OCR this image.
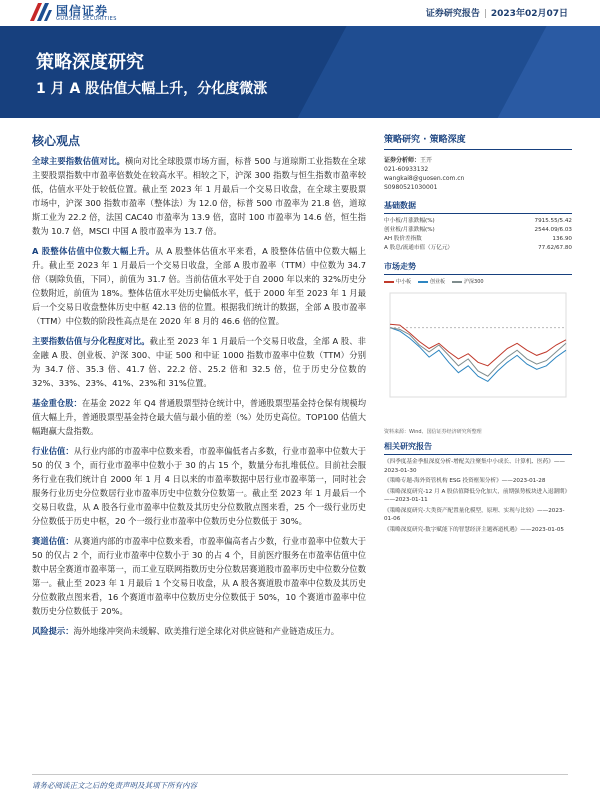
国信证券
GUOSEN SECURITIES	证券研究报告 | 2023年02月07日
策略深度研究
1 月 A 股估值大幅上升，分化度微涨
核心观点

全球主要指数估值对比。横向对比全球股票市场方面，标普 500 与道琼斯工业指数在全球主要股票指数中市盈率倍数处在较高水平。相较之下，沪深 300 指数与恒生指数市盈率较低，估值水平处于较低位置。截止至 2023 年 1 月最后一个交易日收盘，在全球主要股票市场中，沪深 300 指数市盈率（整体法）为 12.0 倍，标普 500 市盈率为 21.8 倍，道琼斯工业为 22.2 倍，法国 CAC40 市盈率为 13.9 倍，富时 100 市盈率为 14.6 倍，恒生指数为 10.7 倍，MSCI 中国 A 股市盈率为 13.7 倍。

A 股整体估值中位数大幅上升。从 A 股整体估值水平来看，A 股整体估值中位数大幅上升。截止至 2023 年 1 月最后一个交易日收盘，全部 A 股市盈率（TTM）中位数为 34.7 倍（剔除负值，下同），前值为 31.7 倍。当前估值水平处于自 2000 年以来的 32%历史分位数附近，前值为 18%。整体估值水平处历史偏低水平，低于 2000 年至 2023 年 1 月最后一个交易日收盘整体历史中枢 42.13 倍的位置。根据我们统计的数据，全部 A 股市盈率（TTM）中位数的阶段性高点是在 2020 年 8 月的 46.6 倍的位置。

主要指数估值与分化程度对比。截止至 2023 年 1 月最后一个交易日收盘，全部 A 股、非金融 A 股、创业板、沪深 300、中证 500 和中证 1000 指数市盈率中位数（TTM）分别为 34.7 倍、35.3 倍、41.7 倍、22.2 倍、25.2 倍和 32.5 倍，位于历史分位数的 32%、33%、23%、41%、23%和 31%位置。

基金重仓股：在基金 2022 年 Q4 普通股票型持仓统计中，普通股票型基金持仓保有规模均值大幅上升，普通股票型基金持仓最大值与最小值的差（%）处历史高位。TOP100 估值大幅跑赢大盘指数。

行业估值：从行业内部的市盈率中位数来看，市盈率偏低者占多数，行业市盈率中位数大于 50 的仅 3 个，而行业市盈率中位数小于 30 的占 15 个，数量分布扎堆低位。目前社会服务行业在我们统计自 2000 年 1 月 4 日以来的市盈率数据中居行业市盈率第一，同时社会服务行业历史分位数居行业市盈率历史中位数分位数第一。截止至 2023 年 1 月最后一个交易日收盘，从 A 股各行业市盈率中位数及其历史分位数散点图来看，25 个一级行业历史分位数低于历史中枢，20 个一级行业市盈率中位数历史分位数低于 30%。

赛道估值：从赛道内部的市盈率中位数来看，市盈率偏高者占少数，行业市盈率中位数大于 50 的仅占 2 个，而行业市盈率中位数小于 30 的占 4 个，目前医疗服务在市盈率估值中位数中居全赛道市盈率第一，而工业互联网指数历史分位数居赛道股市盈率历史中位数分位数第一。截止至 2023 年 1 月最后 1 个交易日收盘，从 A 股各赛道股市盈率中位数及其历史分位数散点图来看，16 个赛道市盈率中位数历史分位数低于 50%，10 个赛道市盈率中位数历史分位数低于 20%。

风险提示：海外地缘冲突尚未缓解、欧美推行逆全球化对供应链和产业链造成压力。

策略研究 · 策略深度
证券分析师：王开
021-60933132
wangkai8@guosen.com.cn
S0980521030001
基础数据
中小板/月涨跌幅(%)	7915.55/5.42
创业板/月涨跌幅(%)	2544.09/6.03
AH 股价差指数	136.90
A 股总/流通市值（万亿元）	77.62/67.80
市场走势
中小板	创业板	沪深300
资料来源：Wind、国信证券经济研究所整理
相关研究报告
《四季度基金季报深度分析-增配关注聚集中小成长、计算机、医药》——2023-01-30
《策略专题-海外资管机构 ESG 投资框架分析》——2023-01-28
《策略深度研究-12 月 A 股估值降低分化加大，前期强势板块进入退潮期》——2023-01-11
《策略深度研究-大类资产配置量化模型，原理、实现与比较》——2023-01-06
《策略深度研究-数字赋能下的智慧经济主题赛道机遇》——2023-01-05
请务必阅读正文之后的免责声明及其项下所有内容
